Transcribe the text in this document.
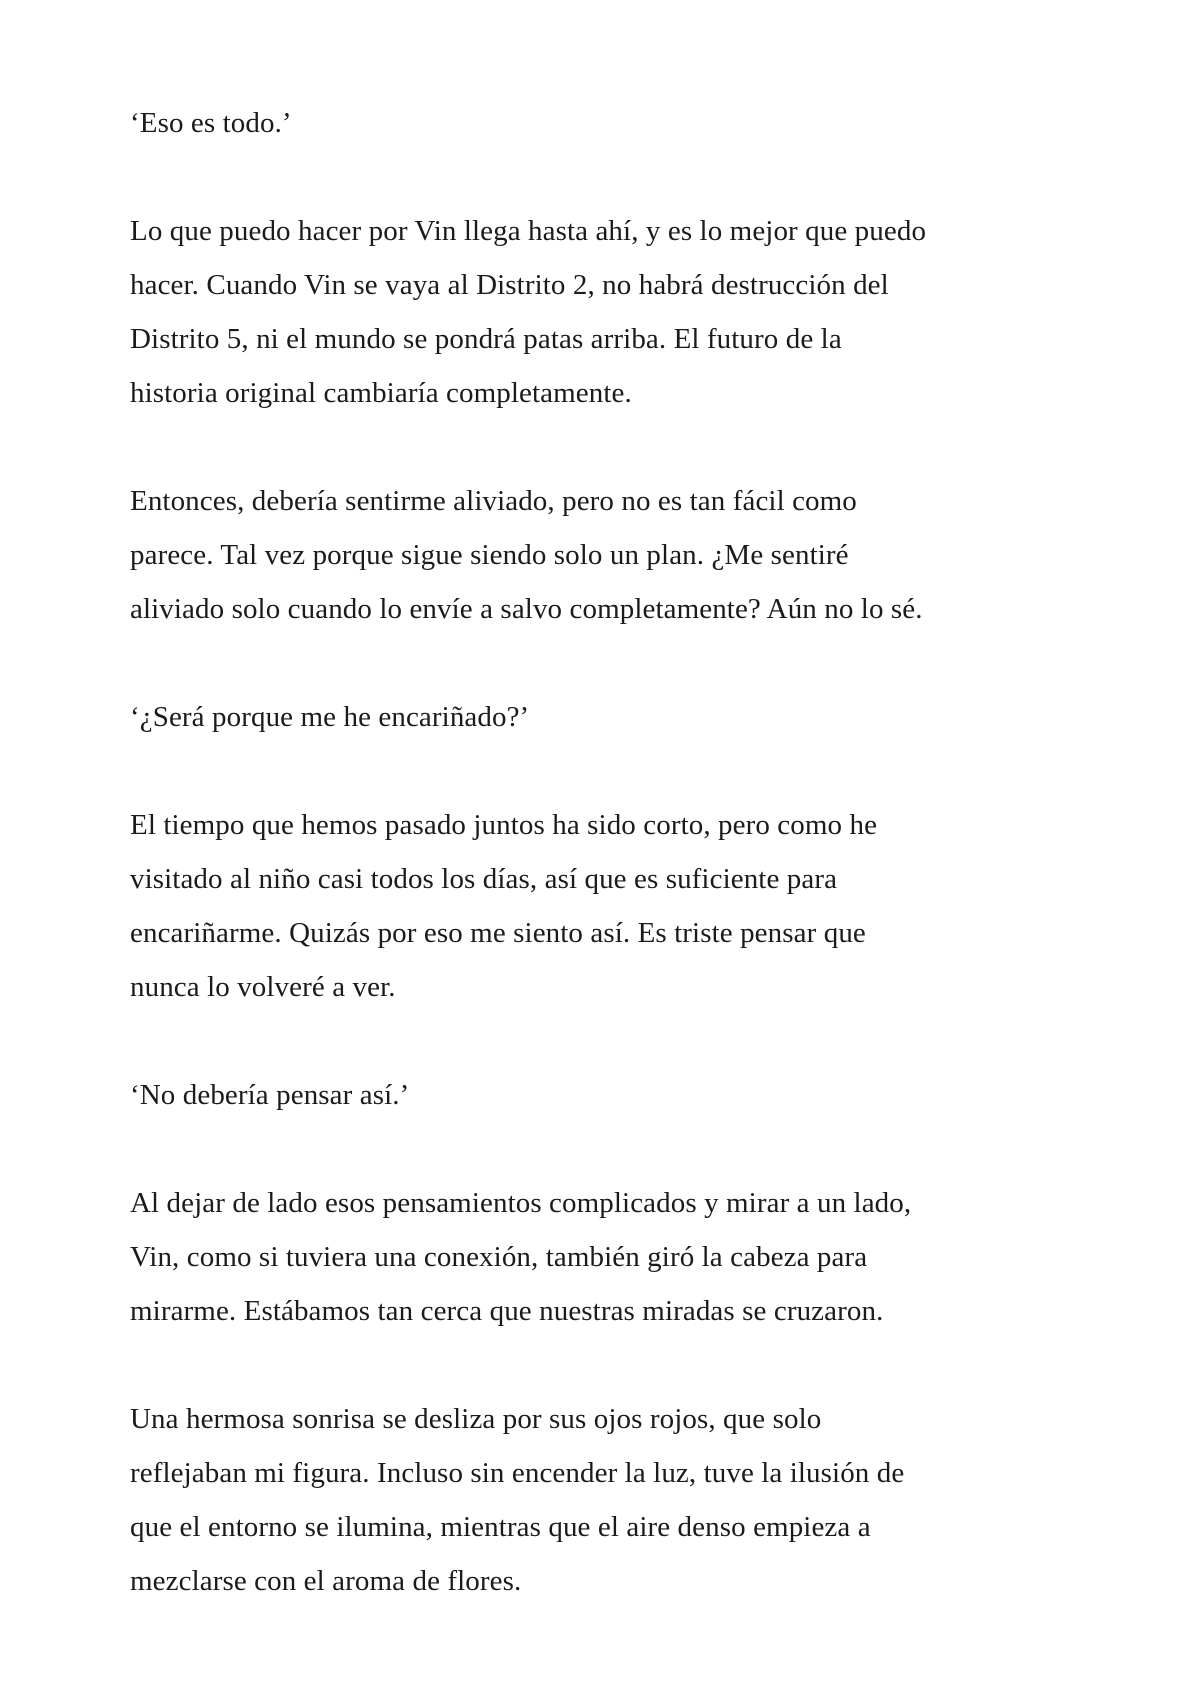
‘Eso es todo.’

Lo que puedo hacer por Vin llega hasta ahí, y es lo mejor que puedo
hacer. Cuando Vin se vaya al Distrito 2, no habrá destrucción del
Distrito 5, ni el mundo se pondrá patas arriba. El futuro de la
historia original cambiaría completamente.

Entonces, debería sentirme aliviado, pero no es tan fácil como
parece. Tal vez porque sigue siendo solo un plan. ¿Me sentiré
aliviado solo cuando lo envíe a salvo completamente? Aún no lo sé.

‘¿Será porque me he encariñado?’

El tiempo que hemos pasado juntos ha sido corto, pero como he
visitado al niño casi todos los días, así que es suficiente para
encariñarme. Quizás por eso me siento así. Es triste pensar que
nunca lo volveré a ver.

‘No debería pensar así.’

Al dejar de lado esos pensamientos complicados y mirar a un lado,
Vin, como si tuviera una conexión, también giró la cabeza para
mirarme. Estábamos tan cerca que nuestras miradas se cruzaron.

Una hermosa sonrisa se desliza por sus ojos rojos, que solo
reflejaban mi figura. Incluso sin encender la luz, tuve la ilusión de
que el entorno se ilumina, mientras que el aire denso empieza a
mezclarse con el aroma de flores.
